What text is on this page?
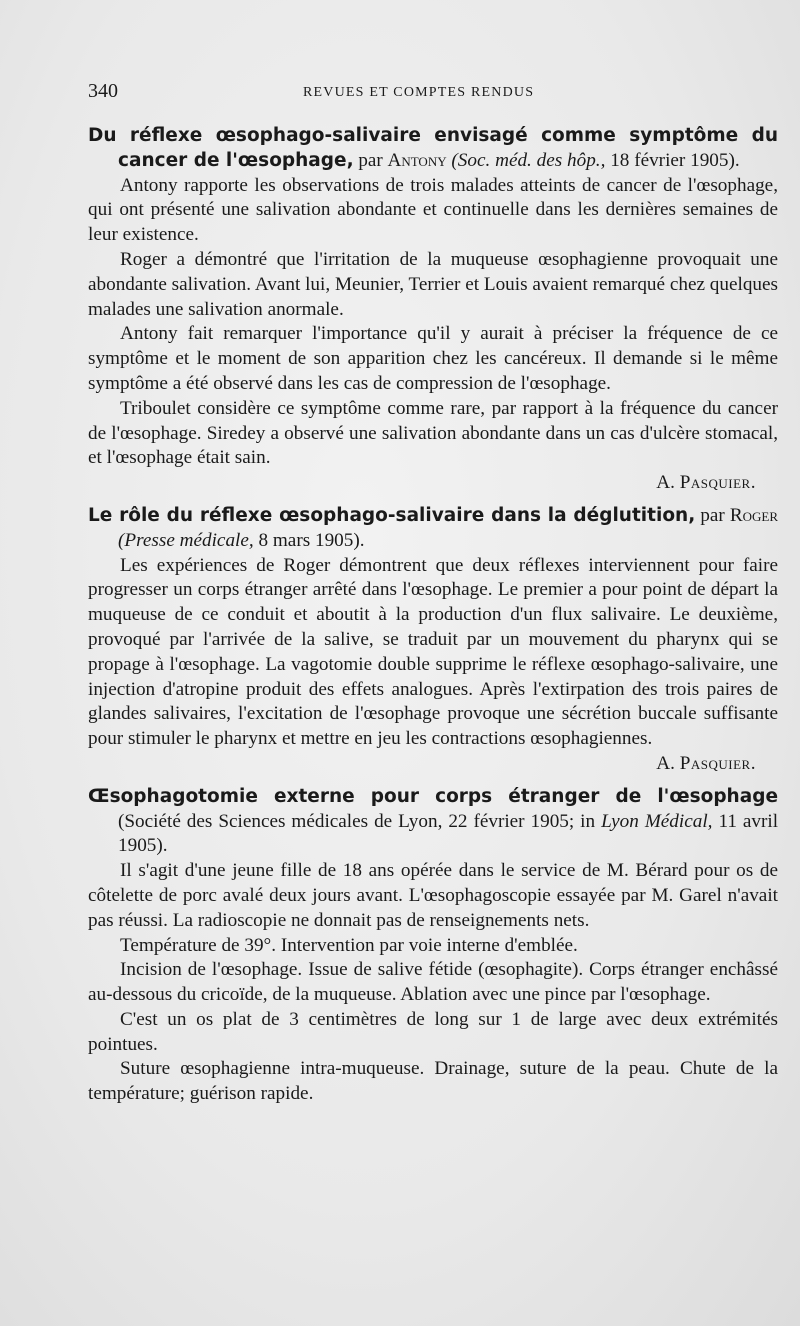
340	REVUES ET COMPTES RENDUS

Du réflexe œsophago-salivaire envisagé comme symptôme du cancer de l'œsophage, par Antony (Soc. méd. des hôp., 18 février 1905).

Antony rapporte les observations de trois malades atteints de cancer de l'œsophage, qui ont présenté une salivation abondante et continuelle dans les dernières semaines de leur existence.

Roger a démontré que l'irritation de la muqueuse œsophagienne provoquait une abondante salivation. Avant lui, Meunier, Terrier et Louis avaient remarqué chez quelques malades une salivation anormale.

Antony fait remarquer l'importance qu'il y aurait à préciser la fréquence de ce symptôme et le moment de son apparition chez les cancéreux. Il demande si le même symptôme a été observé dans les cas de compression de l'œsophage.

Triboulet considère ce symptôme comme rare, par rapport à la fréquence du cancer de l'œsophage. Siredey a observé une salivation abondante dans un cas d'ulcère stomacal, et l'œsophage était sain.

A. Pasquier.

Le rôle du réflexe œsophago-salivaire dans la déglutition, par Roger (Presse médicale, 8 mars 1905).

Les expériences de Roger démontrent que deux réflexes interviennent pour faire progresser un corps étranger arrêté dans l'œsophage. Le premier a pour point de départ la muqueuse de ce conduit et aboutit à la production d'un flux salivaire. Le deuxième, provoqué par l'arrivée de la salive, se traduit par un mouvement du pharynx qui se propage à l'œsophage. La vagotomie double supprime le réflexe œsophago-salivaire, une injection d'atropine produit des effets analogues. Après l'extirpation des trois paires de glandes salivaires, l'excitation de l'œsophage provoque une sécrétion buccale suffisante pour stimuler le pharynx et mettre en jeu les contractions œsophagiennes.

A. Pasquier.

Œsophagotomie externe pour corps étranger de l'œsophage (Société des Sciences médicales de Lyon, 22 février 1905; in Lyon Médical, 11 avril 1905).

Il s'agit d'une jeune fille de 18 ans opérée dans le service de M. Bérard pour os de côtelette de porc avalé deux jours avant. L'œsophagoscopie essayée par M. Garel n'avait pas réussi. La radioscopie ne donnait pas de renseignements nets.

Température de 39°. Intervention par voie interne d'emblée.

Incision de l'œsophage. Issue de salive fétide (œsophagite). Corps étranger enchâssé au-dessous du cricoïde, de la muqueuse. Ablation avec une pince par l'œsophage.

C'est un os plat de 3 centimètres de long sur 1 de large avec deux extrémités pointues.

Suture œsophagienne intra-muqueuse. Drainage, suture de la peau. Chute de la température; guérison rapide.
